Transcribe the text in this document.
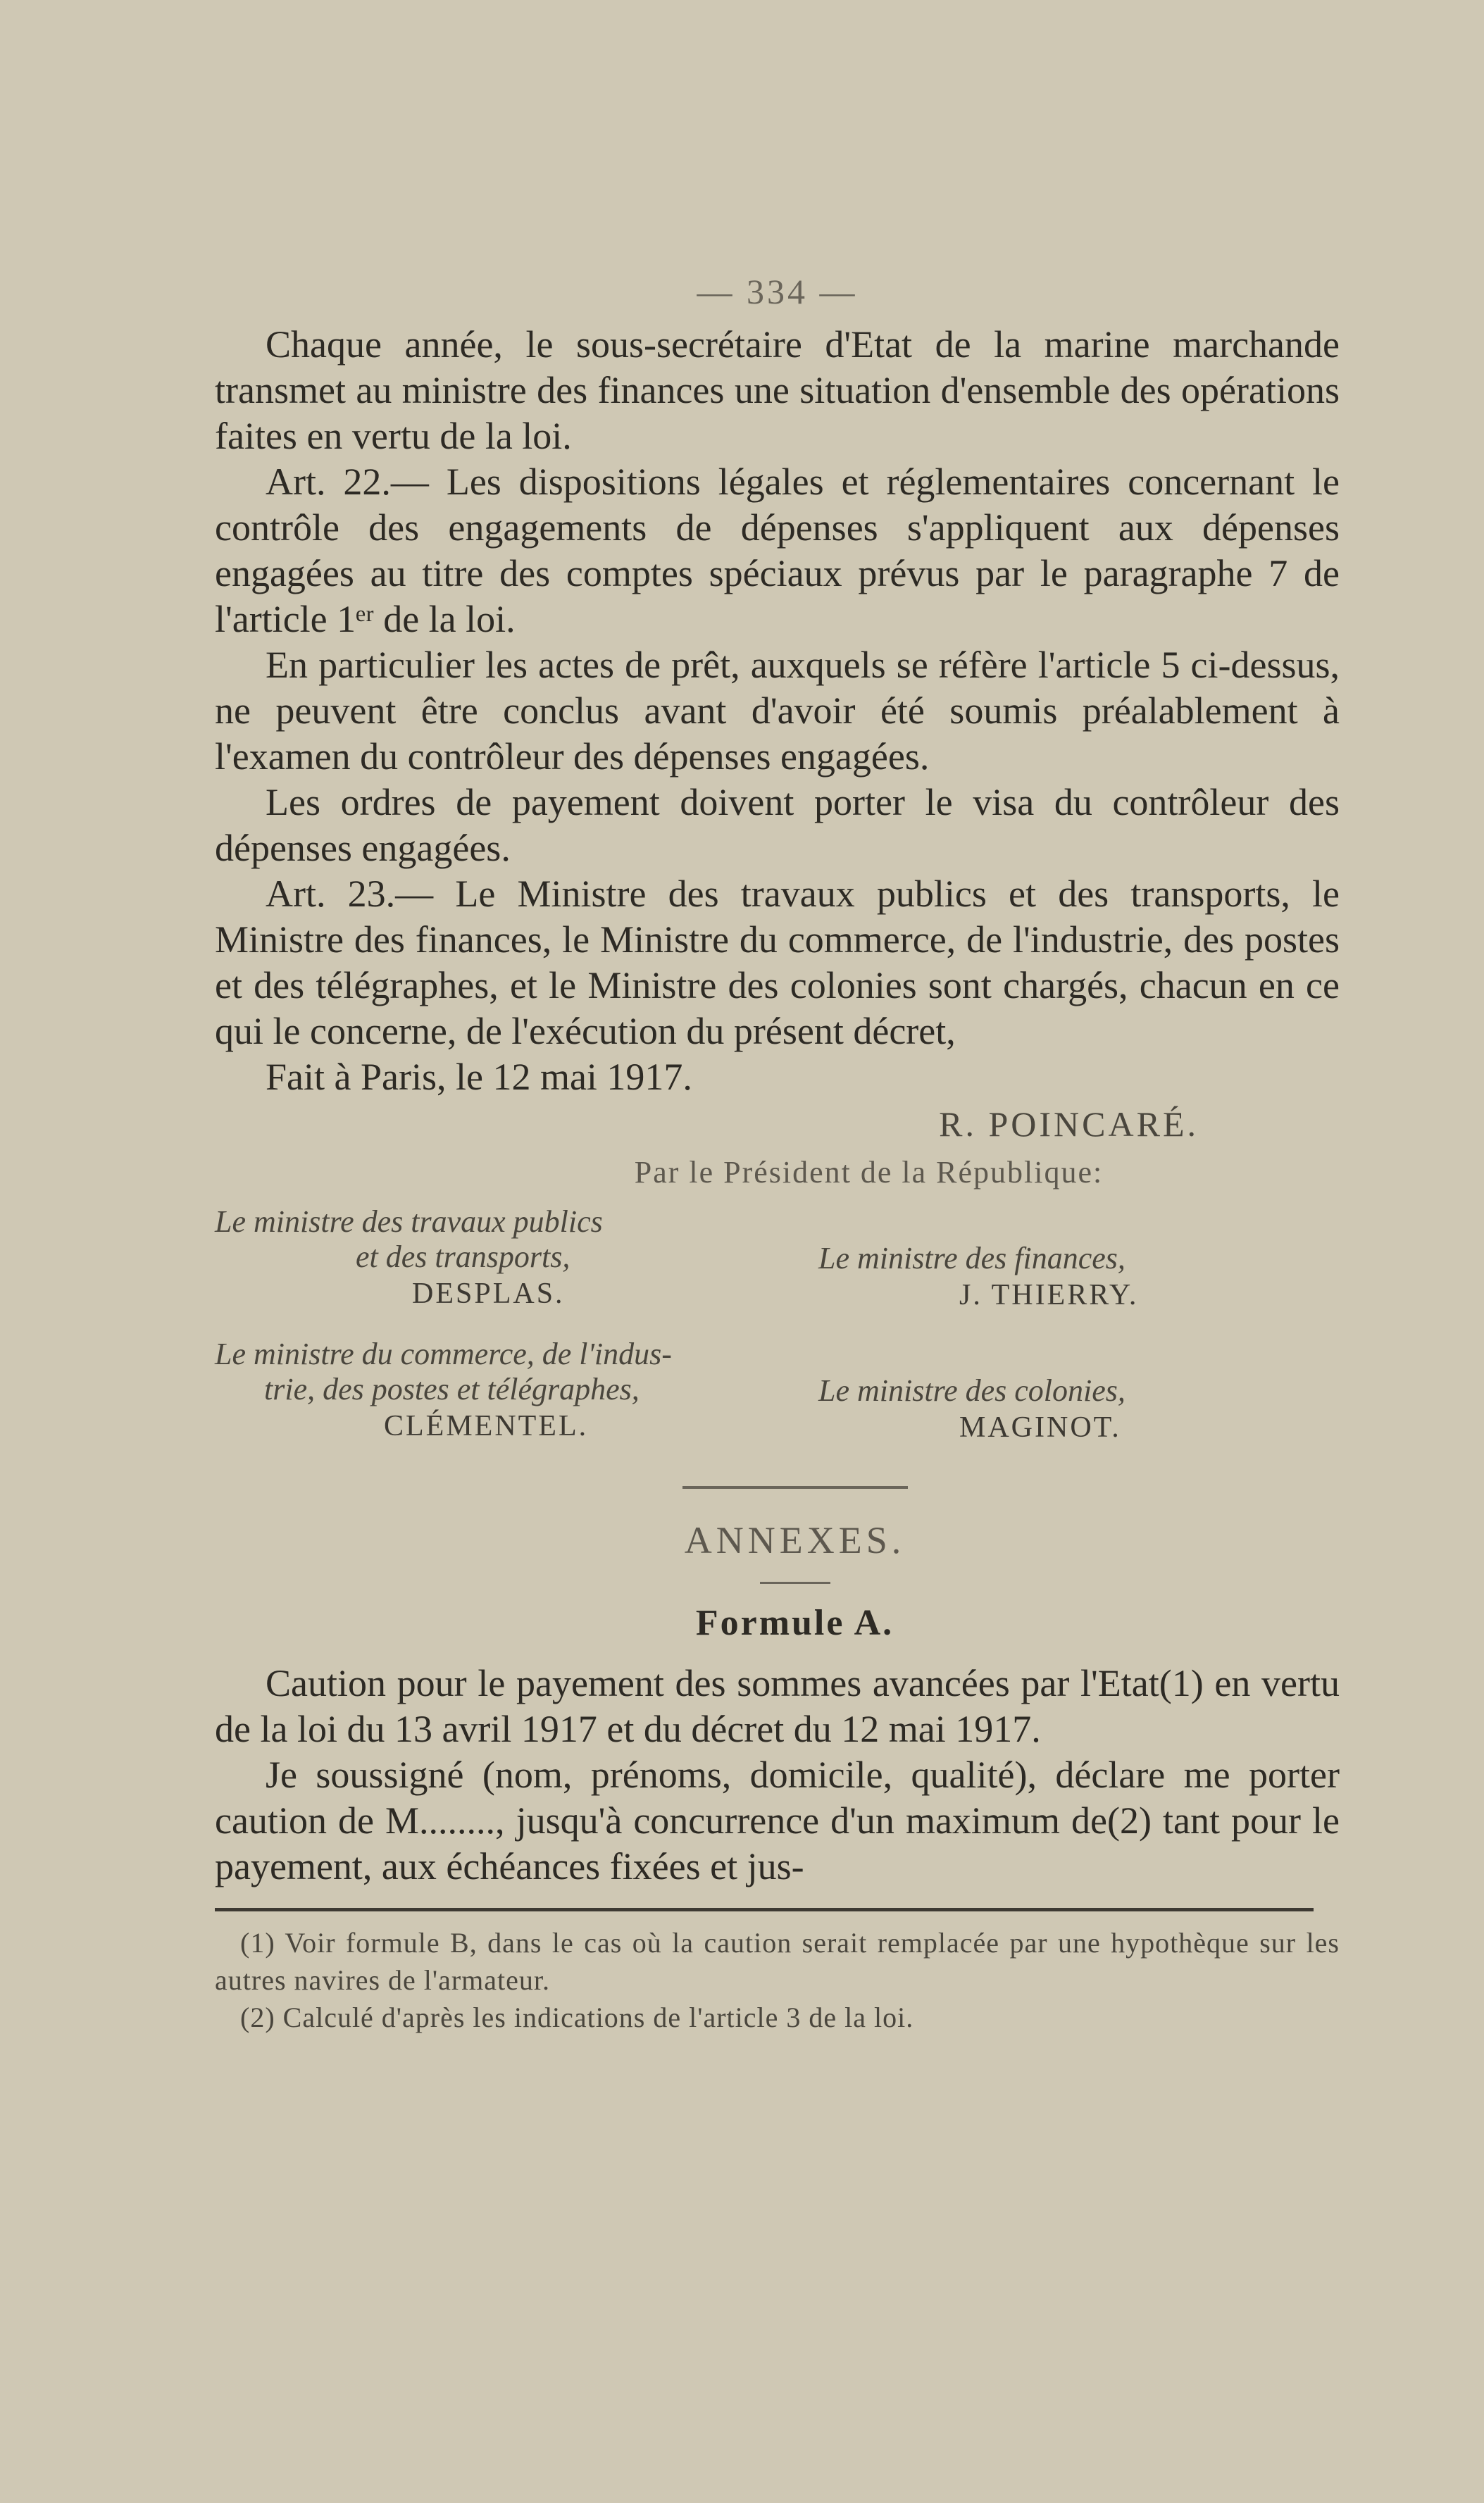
— 334 —

Chaque année, le sous-secrétaire d'Etat de la marine marchande transmet au ministre des finances une situation d'ensemble des opérations faites en vertu de la loi.

Art. 22.— Les dispositions légales et réglementaires concernant le contrôle des engagements de dépenses s'appliquent aux dépenses engagées au titre des comptes spéciaux prévus par le paragraphe 7 de l'article 1ᵉʳ de la loi.

En particulier les actes de prêt, auxquels se réfère l'article 5 ci-dessus, ne peuvent être conclus avant d'avoir été soumis préalablement à l'examen du contrôleur des dépenses engagées.

Les ordres de payement doivent porter le visa du contrôleur des dépenses engagées.

Art. 23.— Le Ministre des travaux publics et des transports, le Ministre des finances, le Ministre du commerce, de l'industrie, des postes et des télégraphes, et le Ministre des colonies sont chargés, chacun en ce qui le concerne, de l'exécution du présent décret,

Fait à Paris, le 12 mai 1917.

R. POINCARÉ.
Par le Président de la République:

Le ministre des travaux publics

et des transports,

DESPLAS.

Le ministre des finances,

J. THIERRY.

Le ministre du commerce, de l'indus-

trie, des postes et télégraphes,

CLÉMENTEL.

Le ministre des colonies,

MAGINOT.

ANNEXES.
Formule A.

Caution pour le payement des sommes avancées par l'Etat(1) en vertu de la loi du 13 avril 1917 et du décret du 12 mai 1917.

Je soussigné (nom, prénoms, domicile, qualité), déclare me porter caution de M........, jusqu'à concurrence d'un maximum de(2) tant pour le payement, aux échéances fixées et jus-

(1) Voir formule B, dans le cas où la caution serait remplacée par une hypothèque sur les autres navires de l'armateur.

(2) Calculé d'après les indications de l'article 3 de la loi.
